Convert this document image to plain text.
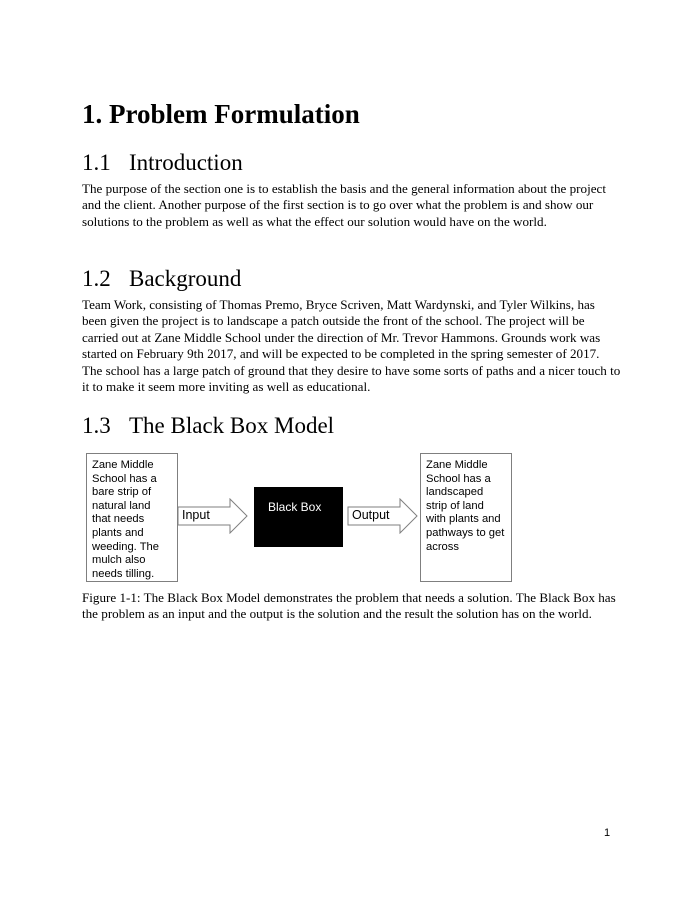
1. Problem Formulation
1.1 Introduction

The purpose of the section one is to establish the basis and the general information about the project and the client. Another purpose of the first section is to go over what the problem is and show our solutions to the problem as well as what the effect our solution would have on the world.

1.2 Background

Team Work, consisting of Thomas Premo, Bryce Scriven, Matt Wardynski, and Tyler Wilkins, has been given the project is to landscape a patch outside the front of the school. The project will be carried out at Zane Middle School under the direction of Mr. Trevor Hammons. Grounds work was started on February 9th 2017, and will be expected to be completed in the spring semester of 2017. The school has a large patch of ground that they desire to have some sorts of paths and a nicer touch to it to make it seem more inviting as well as educational.

1.3 The Black Box Model
Zane Middle School has a bare strip of natural land that needs plants and weeding. The mulch also needs tilling.
Input
Black Box
Output
Zane Middle School has a landscaped strip of land with plants and pathways to get across

Figure 1-1: The Black Box Model demonstrates the problem that needs a solution. The Black Box has the problem as an input and the output is the solution and the result the solution has on the world.

1
